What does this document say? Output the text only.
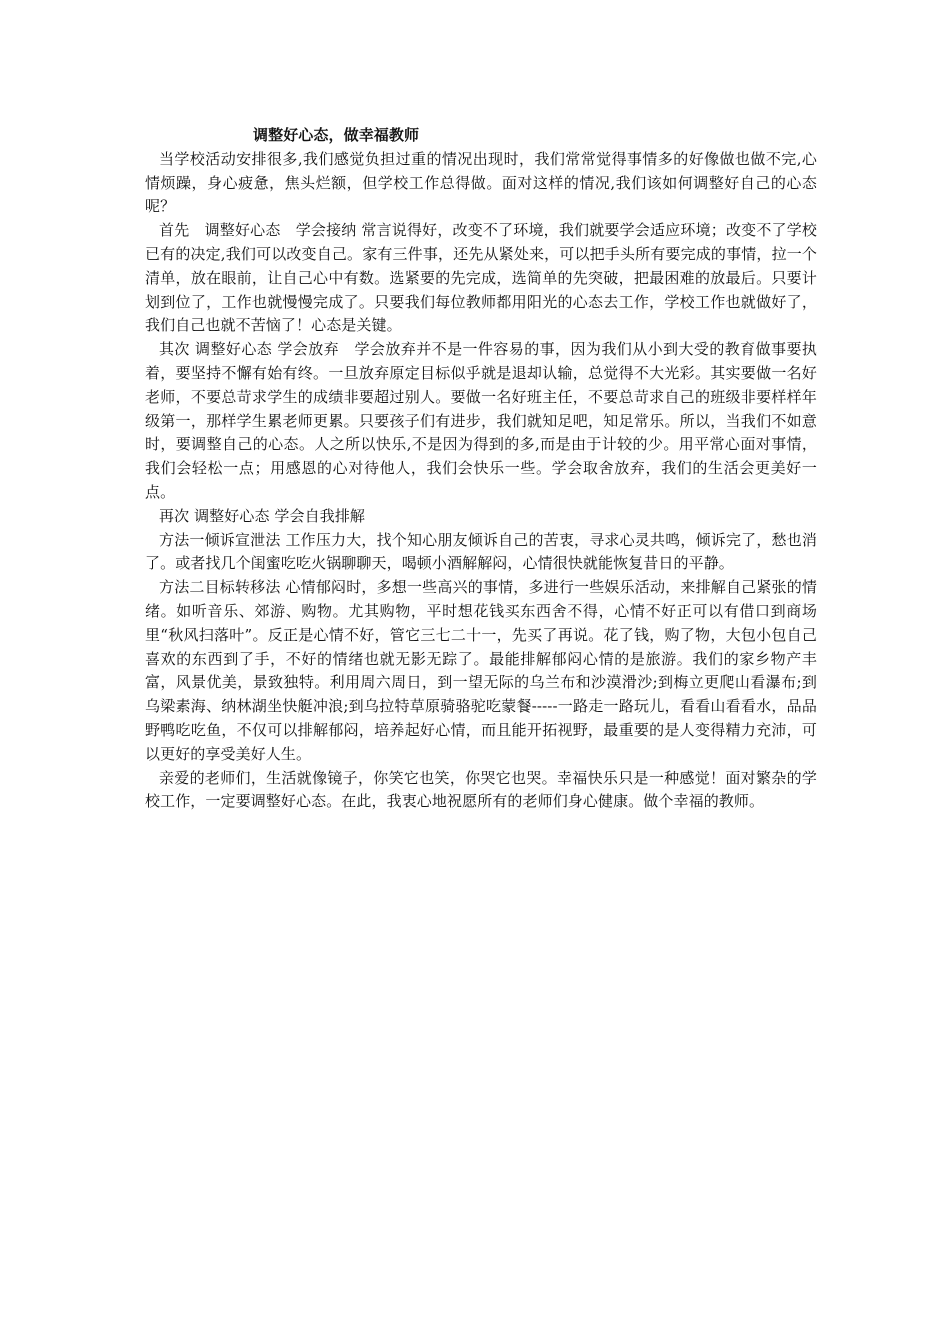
调整好心态，做幸福教师

当学校活动安排很多,我们感觉负担过重的情况出现时，我们常常觉得事情多的好像做也做不完,心情烦躁，身心疲惫，焦头烂额，但学校工作总得做。面对这样的情况,我们该如何调整好自己的心态呢？

首先　调整好心态　学会接纳 常言说得好，改变不了环境，我们就要学会适应环境；改变不了学校已有的决定,我们可以改变自己。家有三件事，还先从紧处来，可以把手头所有要完成的事情，拉一个清单，放在眼前，让自己心中有数。选紧要的先完成，选简单的先突破，把最困难的放最后。只要计划到位了，工作也就慢慢完成了。只要我们每位教师都用阳光的心态去工作，学校工作也就做好了，我们自己也就不苦恼了！心态是关键。

其次 调整好心态 学会放弃　学会放弃并不是一件容易的事，因为我们从小到大受的教育做事要执着，要坚持不懈有始有终。一旦放弃原定目标似乎就是退却认输，总觉得不大光彩。其实要做一名好老师，不要总苛求学生的成绩非要超过别人。要做一名好班主任，不要总苛求自己的班级非要样样年级第一，那样学生累老师更累。只要孩子们有进步，我们就知足吧，知足常乐。所以，当我们不如意时，要调整自己的心态。人之所以快乐,不是因为得到的多,而是由于计较的少。用平常心面对事情，我们会轻松一点；用感恩的心对待他人，我们会快乐一些。学会取舍放弃，我们的生活会更美好一点。

再次 调整好心态 学会自我排解

方法一倾诉宣泄法 工作压力大，找个知心朋友倾诉自己的苦衷，寻求心灵共鸣，倾诉完了，愁也消了。或者找几个闺蜜吃吃火锅聊聊天，喝顿小酒解解闷，心情很快就能恢复昔日的平静。

方法二目标转移法 心情郁闷时，多想一些高兴的事情，多进行一些娱乐活动，来排解自己紧张的情绪。如听音乐、郊游、购物。尤其购物，平时想花钱买东西舍不得，心情不好正可以有借口到商场里“秋风扫落叶”。反正是心情不好，管它三七二十一，先买了再说。花了钱，购了物，大包小包自己喜欢的东西到了手，不好的情绪也就无影无踪了。最能排解郁闷心情的是旅游。我们的家乡物产丰富，风景优美，景致独特。利用周六周日，到一望无际的乌兰布和沙漠滑沙;到梅立更爬山看瀑布;到乌梁素海、纳林湖坐快艇冲浪;到乌拉特草原骑骆驼吃蒙餐-----一路走一路玩儿，看看山看看水，品品野鸭吃吃鱼，不仅可以排解郁闷，培养起好心情，而且能开拓视野，最重要的是人变得精力充沛，可以更好的享受美好人生。

亲爱的老师们，生活就像镜子，你笑它也笑，你哭它也哭。幸福快乐只是一种感觉！面对繁杂的学校工作，一定要调整好心态。在此，我衷心地祝愿所有的老师们身心健康。做个幸福的教师。
